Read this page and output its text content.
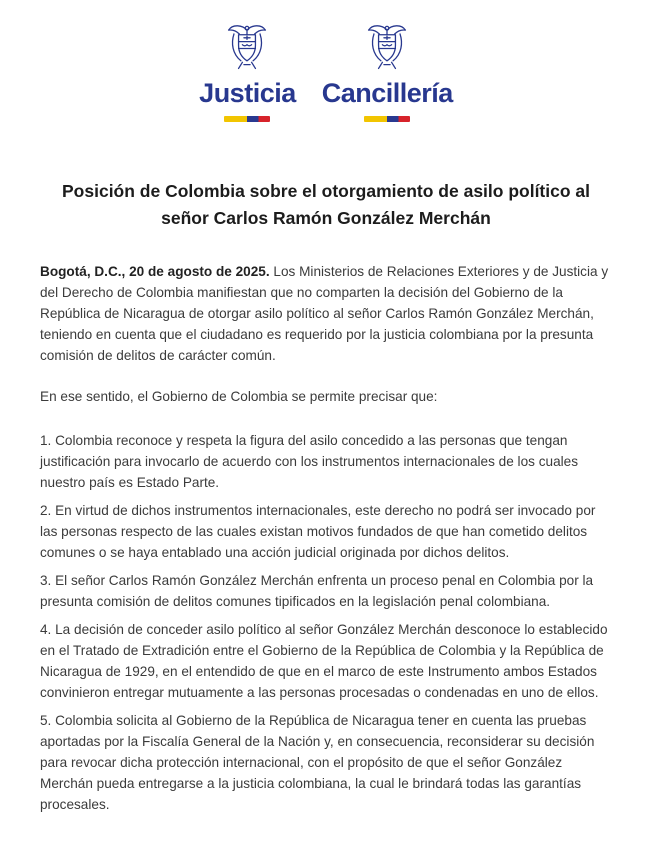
Justicia Cancillería
Posición de Colombia sobre el otorgamiento de asilo político al
señor Carlos Ramón González Merchán

Bogotá, D.C., 20 de agosto de 2025. Los Ministerios de Relaciones Exteriores y de Justicia y del Derecho de Colombia manifiestan que no comparten la decisión del Gobierno de la República de Nicaragua de otorgar asilo político al señor Carlos Ramón González Merchán, teniendo en cuenta que el ciudadano es requerido por la justicia colombiana por la presunta comisión de delitos de carácter común.

En ese sentido, el Gobierno de Colombia se permite precisar que:

1. Colombia reconoce y respeta la figura del asilo concedido a las personas que tengan justificación para invocarlo de acuerdo con los instrumentos internacionales de los cuales nuestro país es Estado Parte.

2. En virtud de dichos instrumentos internacionales, este derecho no podrá ser invocado por las personas respecto de las cuales existan motivos fundados de que han cometido delitos comunes o se haya entablado una acción judicial originada por dichos delitos.

3. El señor Carlos Ramón González Merchán enfrenta un proceso penal en Colombia por la presunta comisión de delitos comunes tipificados en la legislación penal colombiana.

4. La decisión de conceder asilo político al señor González Merchán desconoce lo establecido en el Tratado de Extradición entre el Gobierno de la República de Colombia y la República de Nicaragua de 1929, en el entendido de que en el marco de este Instrumento ambos Estados convinieron entregar mutuamente a las personas procesadas o condenadas en uno de ellos.

5. Colombia solicita al Gobierno de la República de Nicaragua tener en cuenta las pruebas aportadas por la Fiscalía General de la Nación y, en consecuencia, reconsiderar su decisión para revocar dicha protección internacional, con el propósito de que el señor González Merchán pueda entregarse a la justicia colombiana, la cual le brindará todas las garantías procesales.
